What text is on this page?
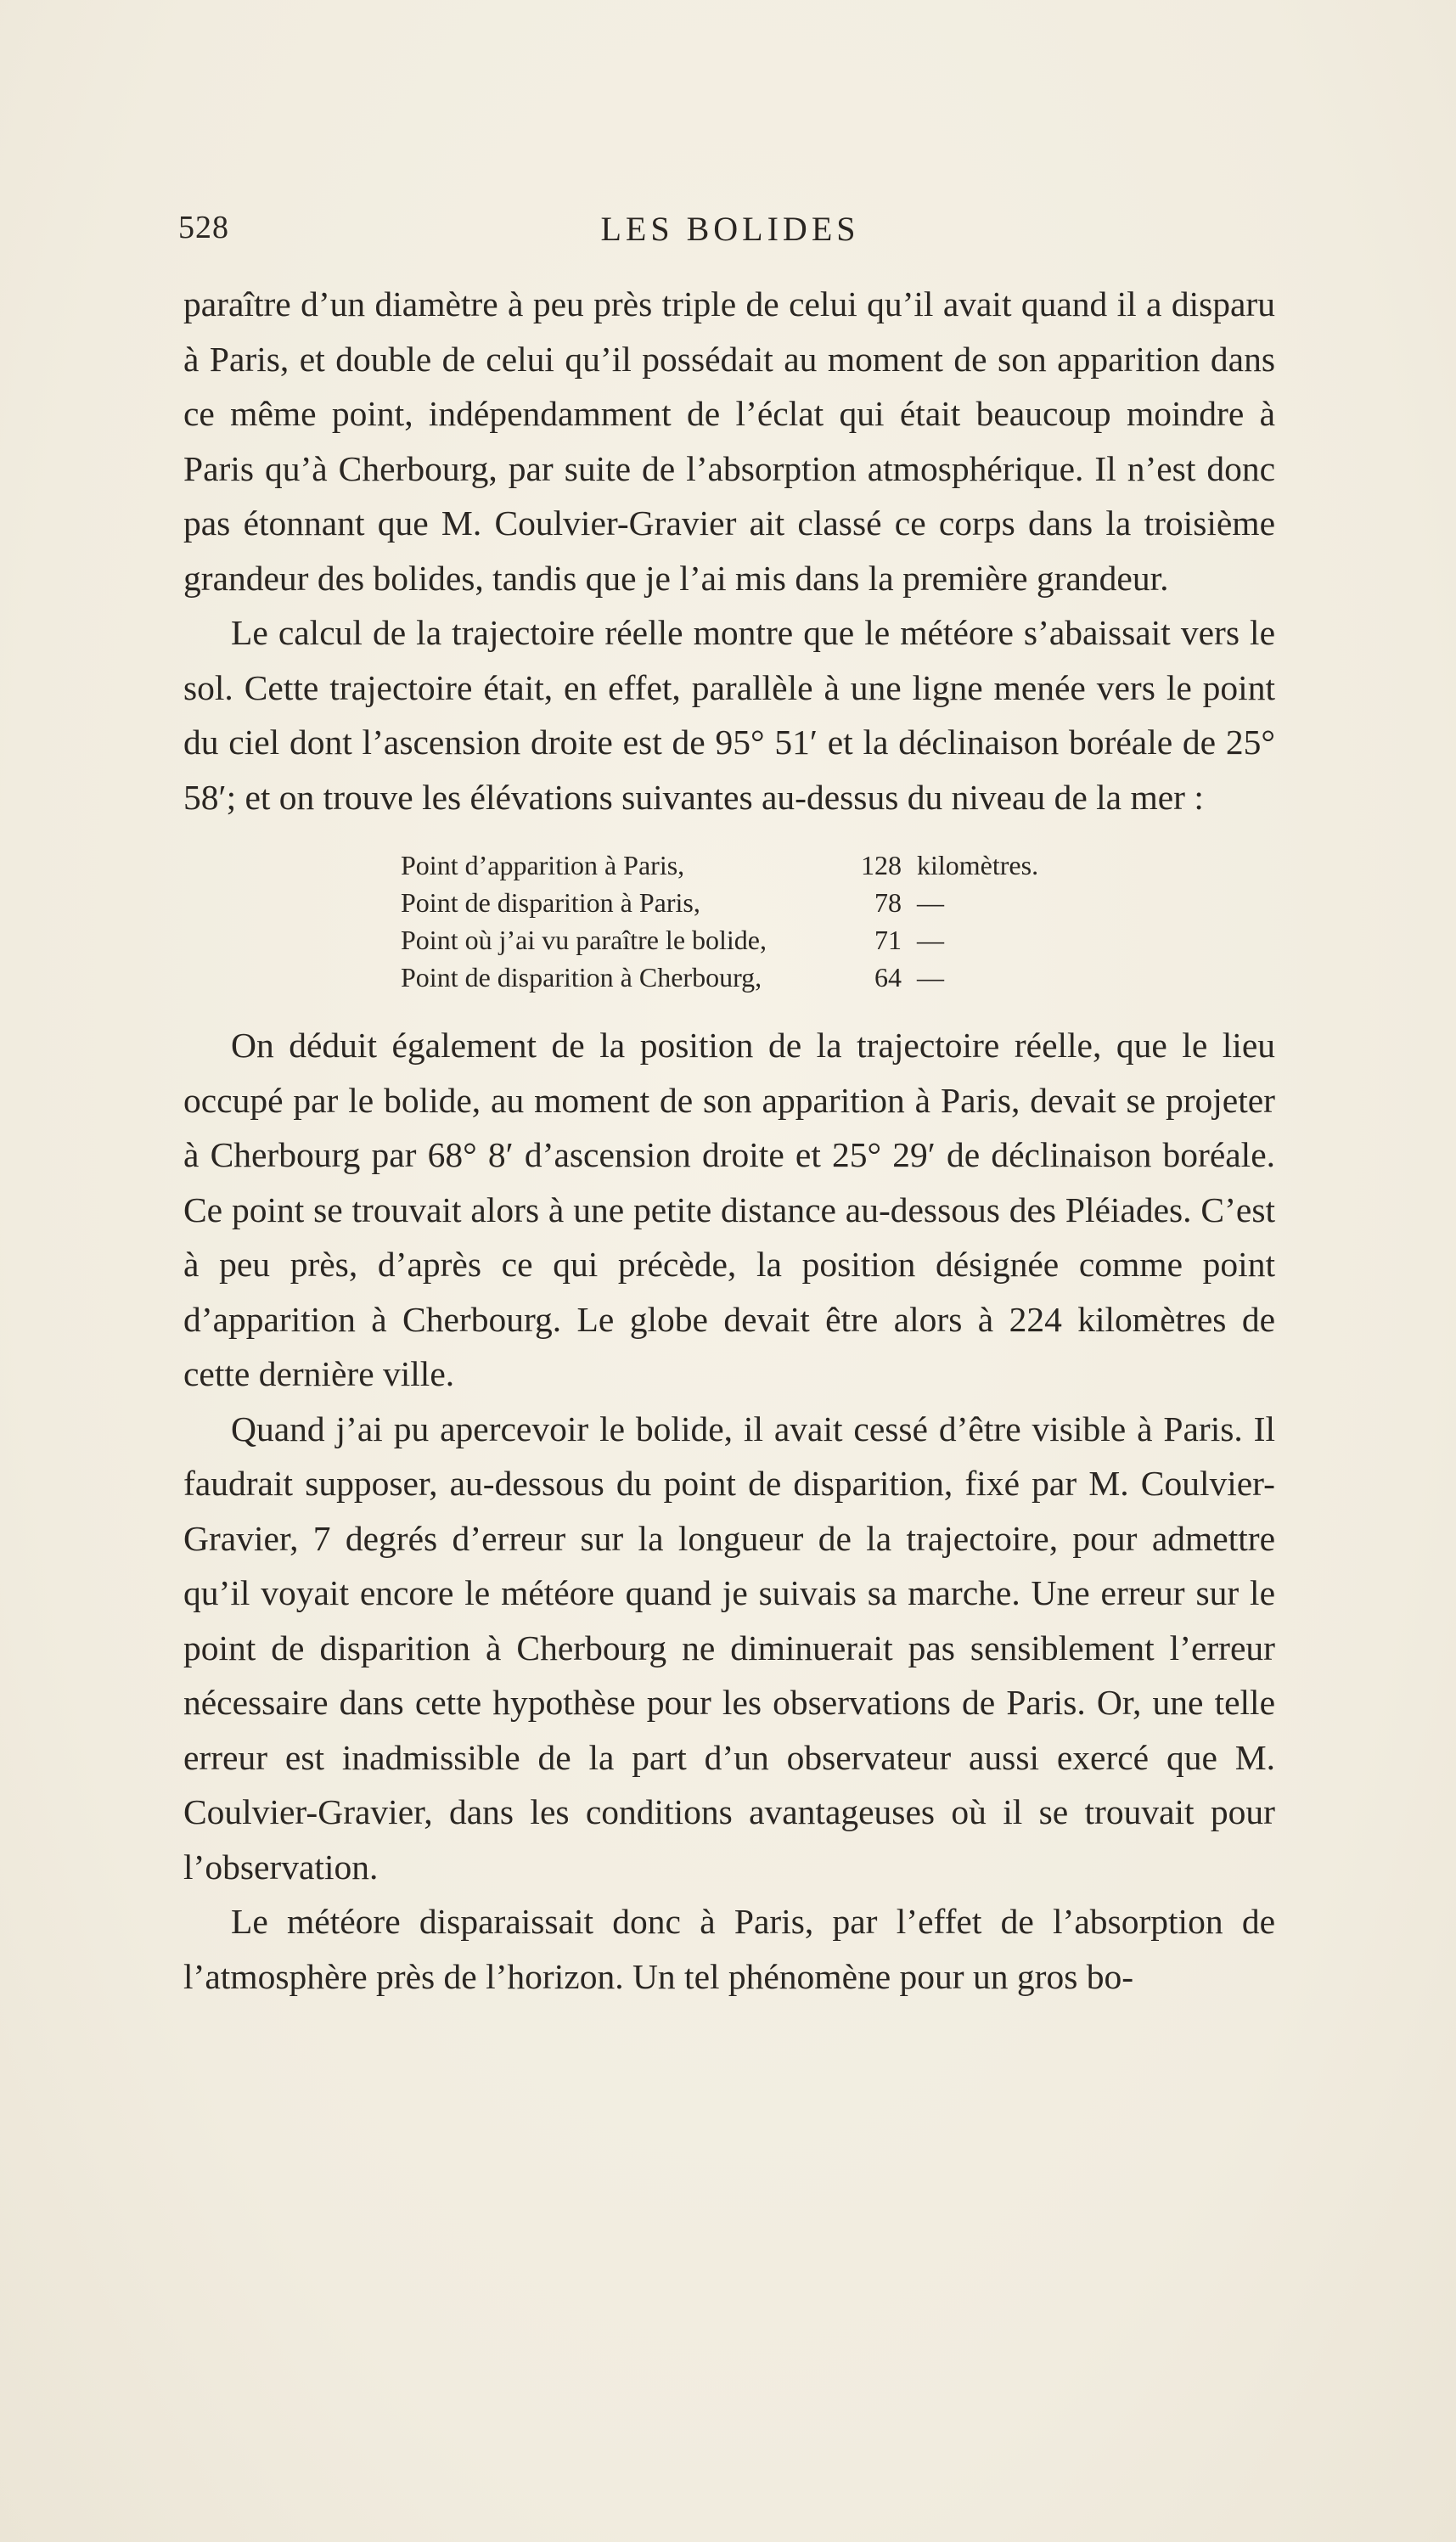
528	LES BOLIDES

paraître d’un diamètre à peu près triple de celui qu’il avait quand il a disparu à Paris, et double de celui qu’il possédait au moment de son apparition dans ce même point, indépendamment de l’éclat qui était beaucoup moindre à Paris qu’à Cherbourg, par suite de l’absorption atmosphérique. Il n’est donc pas étonnant que M. Coulvier-Gravier ait classé ce corps dans la troisième grandeur des bolides, tandis que je l’ai mis dans la première grandeur.

Le calcul de la trajectoire réelle montre que le météore s’abaissait vers le sol. Cette trajectoire était, en effet, parallèle à une ligne menée vers le point du ciel dont l’ascension droite est de 95° 51′ et la déclinaison boréale de 25° 58′; et on trouve les élévations suivantes au-dessus du niveau de la mer :

Point d’apparition à Paris,	128 kilomètres.
Point de disparition à Paris,	78 —
Point où j’ai vu paraître le bolide,	71 —
Point de disparition à Cherbourg,	64 —

On déduit également de la position de la trajectoire réelle, que le lieu occupé par le bolide, au moment de son apparition à Paris, devait se projeter à Cherbourg par 68° 8′ d’ascension droite et 25° 29′ de déclinaison boréale. Ce point se trouvait alors à une petite distance au-dessous des Pléiades. C’est à peu près, d’après ce qui précède, la position désignée comme point d’apparition à Cherbourg. Le globe devait être alors à 224 kilomètres de cette dernière ville.

Quand j’ai pu apercevoir le bolide, il avait cessé d’être visible à Paris. Il faudrait supposer, au-dessous du point de disparition, fixé par M. Coulvier-Gravier, 7 degrés d’erreur sur la longueur de la trajectoire, pour admettre qu’il voyait encore le météore quand je suivais sa marche. Une erreur sur le point de disparition à Cherbourg ne diminuerait pas sensiblement l’erreur nécessaire dans cette hypothèse pour les observations de Paris. Or, une telle erreur est inadmissible de la part d’un observateur aussi exercé que M. Coulvier-Gravier, dans les conditions avantageuses où il se trouvait pour l’observation.

Le météore disparaissait donc à Paris, par l’effet de l’absorption de l’atmosphère près de l’horizon. Un tel phénomène pour un gros bo-
